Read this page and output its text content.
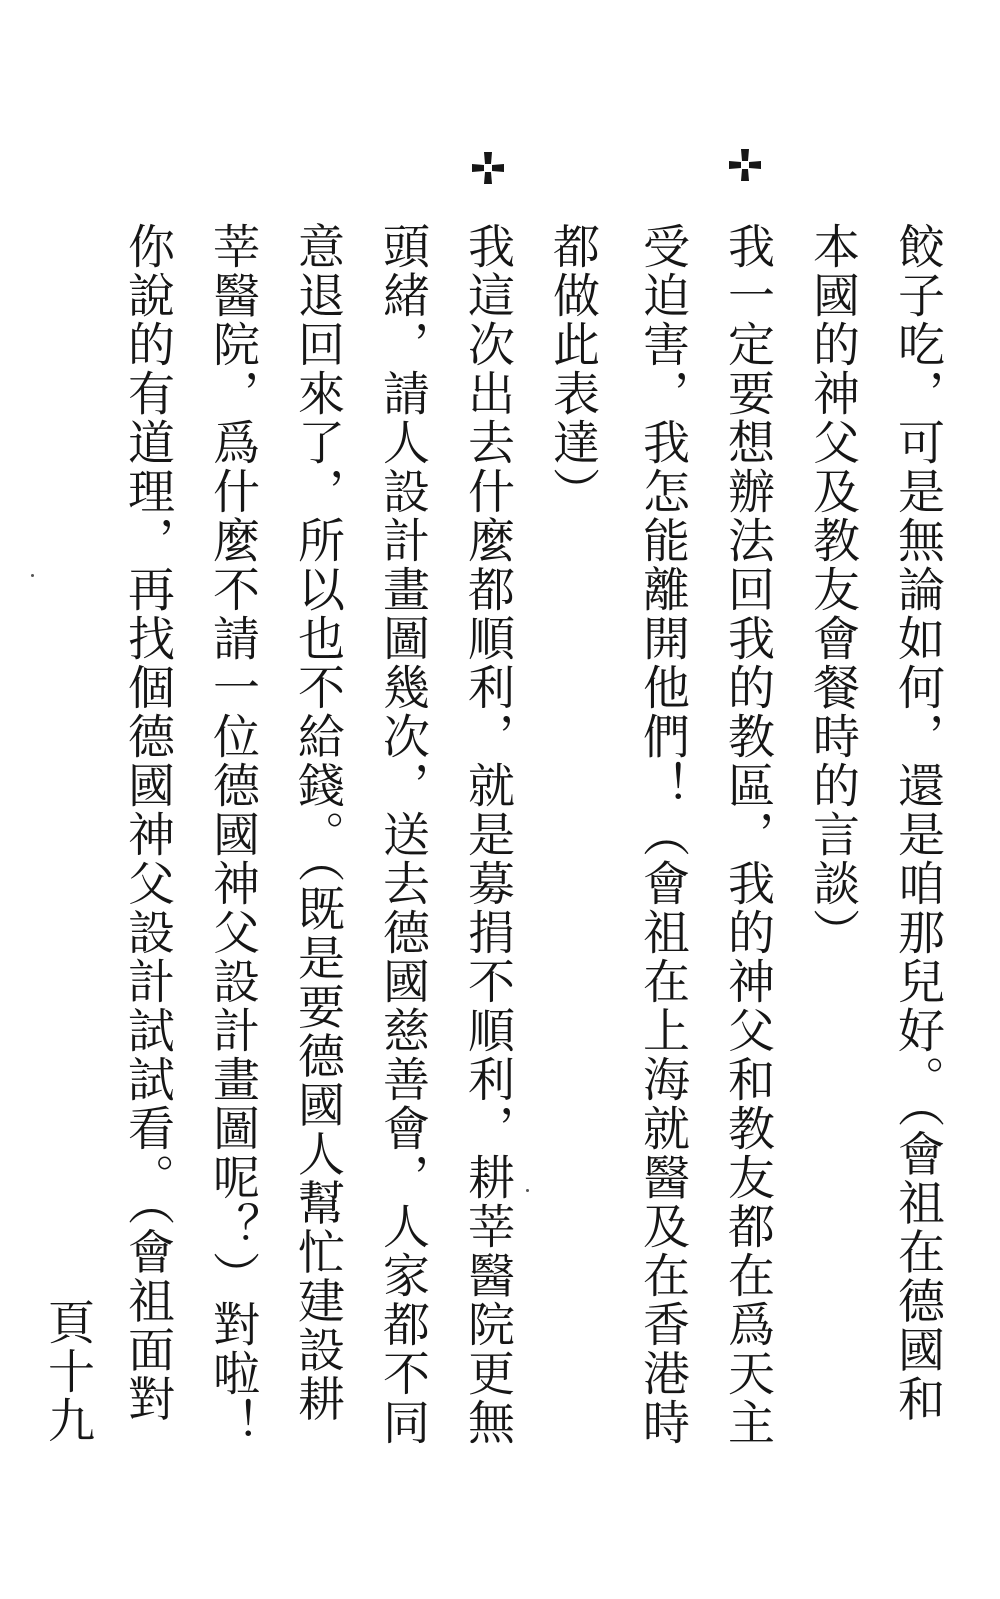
餃子吃，可是無論如何，還是咱那兒好。（會祖在德國和
本國的神父及教友會餐時的言談）
我一定要想辦法回我的教區，我的神父和教友都在爲天主
受迫害，我怎能離開他們！（會祖在上海就醫及在香港時
都做此表達）
我這次出去什麼都順利，就是募捐不順利，耕莘醫院更無
頭緒，請人設計畫圖幾次，送去德國慈善會，人家都不同
意退回來了，所以也不給錢。（既是要德國人幫忙建設耕
莘醫院，爲什麼不請一位德國神父設計畫圖呢？）對啦！
你說的有道理，再找個德國神父設計試試看。（會祖面對
頁十九
